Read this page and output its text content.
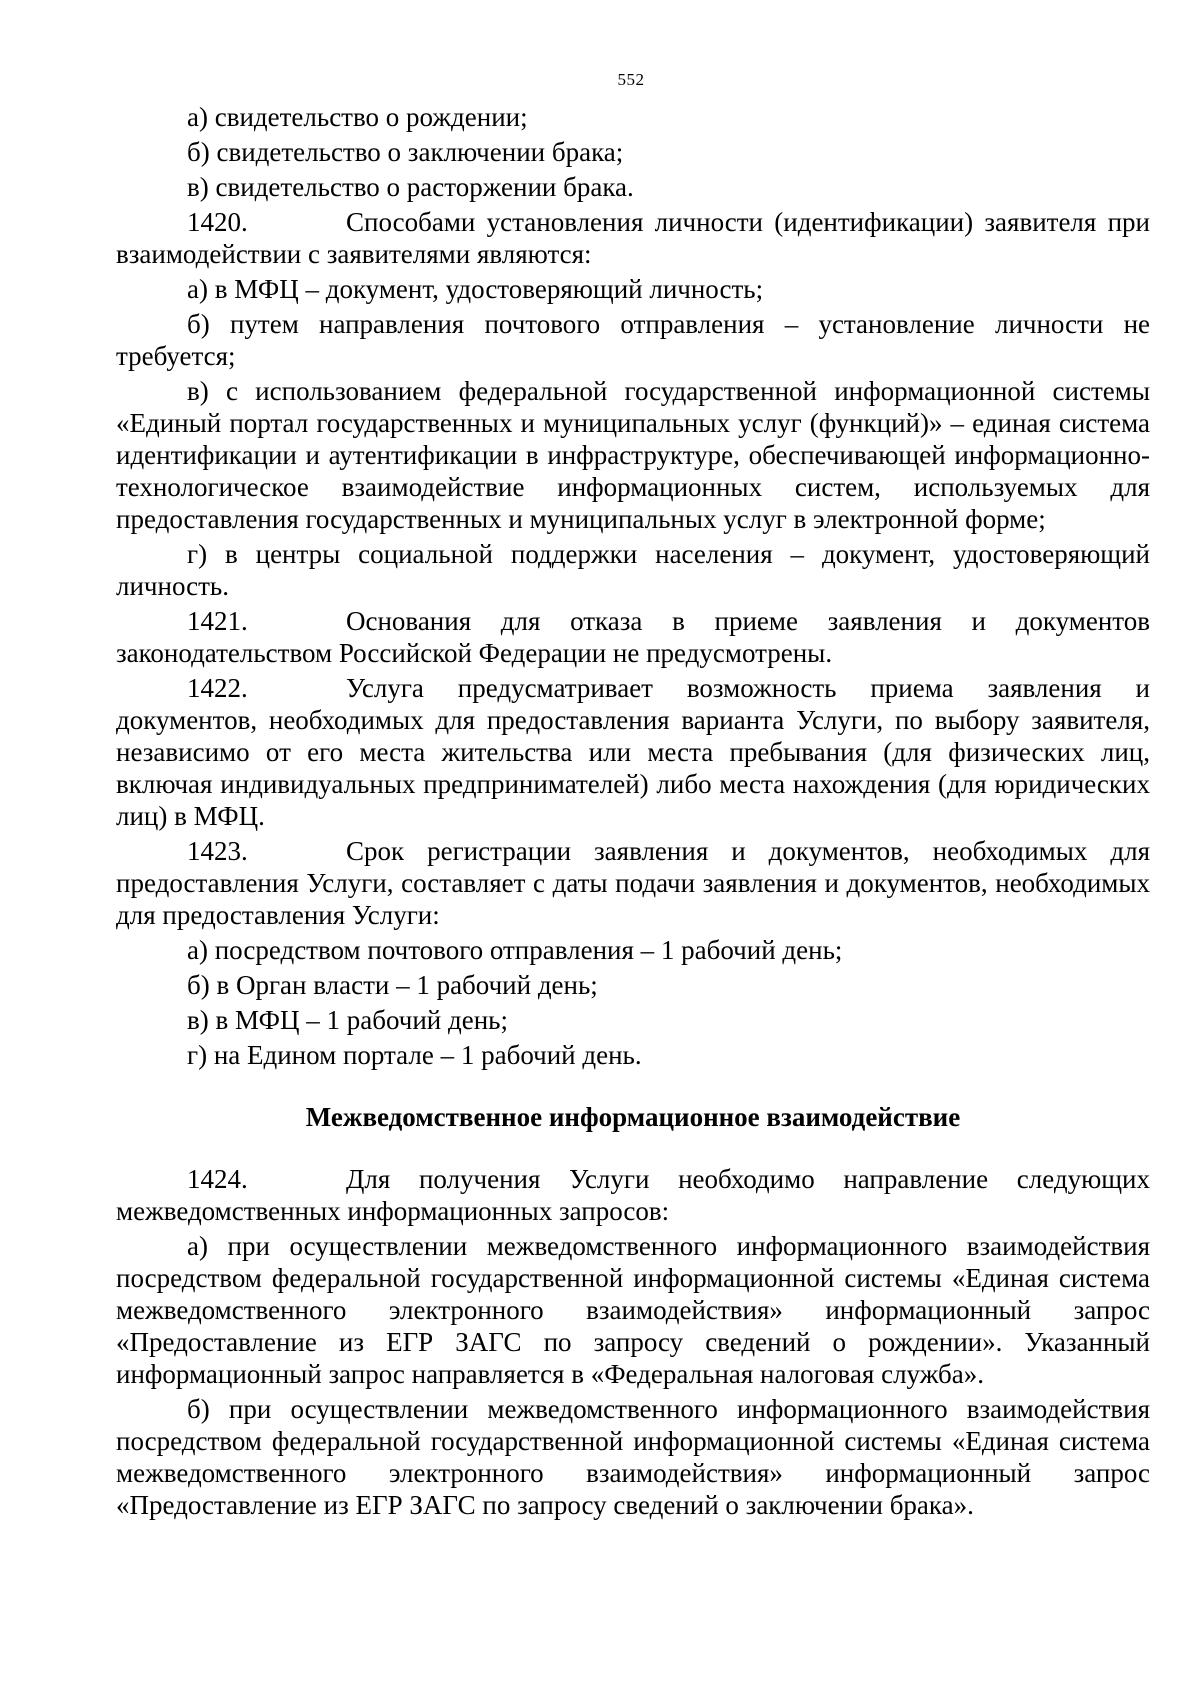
552

а) свидетельство о рождении;

б) свидетельство о заключении брака;

в) свидетельство о расторжении брака.

1420.	Способами установления личности (идентификации) заявителя при взаимодействии с заявителями являются:

а) в МФЦ – документ, удостоверяющий личность;

б) путем направления почтового отправления – установление личности не требуется;

в) с использованием федеральной государственной информационной системы «Единый портал государственных и муниципальных услуг (функций)» – единая система идентификации и аутентификации в инфраструктуре, обеспечивающей информационно-технологическое взаимодействие информационных систем, используемых для предоставления государственных и муниципальных услуг в электронной форме;

г) в центры социальной поддержки населения – документ, удостоверяющий личность.

1421.	Основания для отказа в приеме заявления и документов законодательством Российской Федерации не предусмотрены.

1422.	Услуга предусматривает возможность приема заявления и документов, необходимых для предоставления варианта Услуги, по выбору заявителя, независимо от его места жительства или места пребывания (для физических лиц, включая индивидуальных предпринимателей) либо места нахождения (для юридических лиц) в МФЦ.

1423.	Срок регистрации заявления и документов, необходимых для предоставления Услуги, составляет с даты подачи заявления и документов, необходимых для предоставления Услуги:

а) посредством почтового отправления – 1 рабочий день;

б) в Орган власти – 1 рабочий день;

в) в МФЦ – 1 рабочий день;

г) на Едином портале – 1 рабочий день.

Межведомственное информационное взаимодействие

1424.	Для получения Услуги необходимо направление следующих межведомственных информационных запросов:

а) при осуществлении межведомственного информационного взаимодействия посредством федеральной государственной информационной системы «Единая система межведомственного электронного взаимодействия» информационный запрос «Предоставление из ЕГР ЗАГС по запросу сведений о рождении». Указанный информационный запрос направляется в «Федеральная налоговая служба».

б) при осуществлении межведомственного информационного взаимодействия посредством федеральной государственной информационной системы «Единая система межведомственного электронного взаимодействия» информационный запрос «Предоставление из ЕГР ЗАГС по запросу сведений о заключении брака».
